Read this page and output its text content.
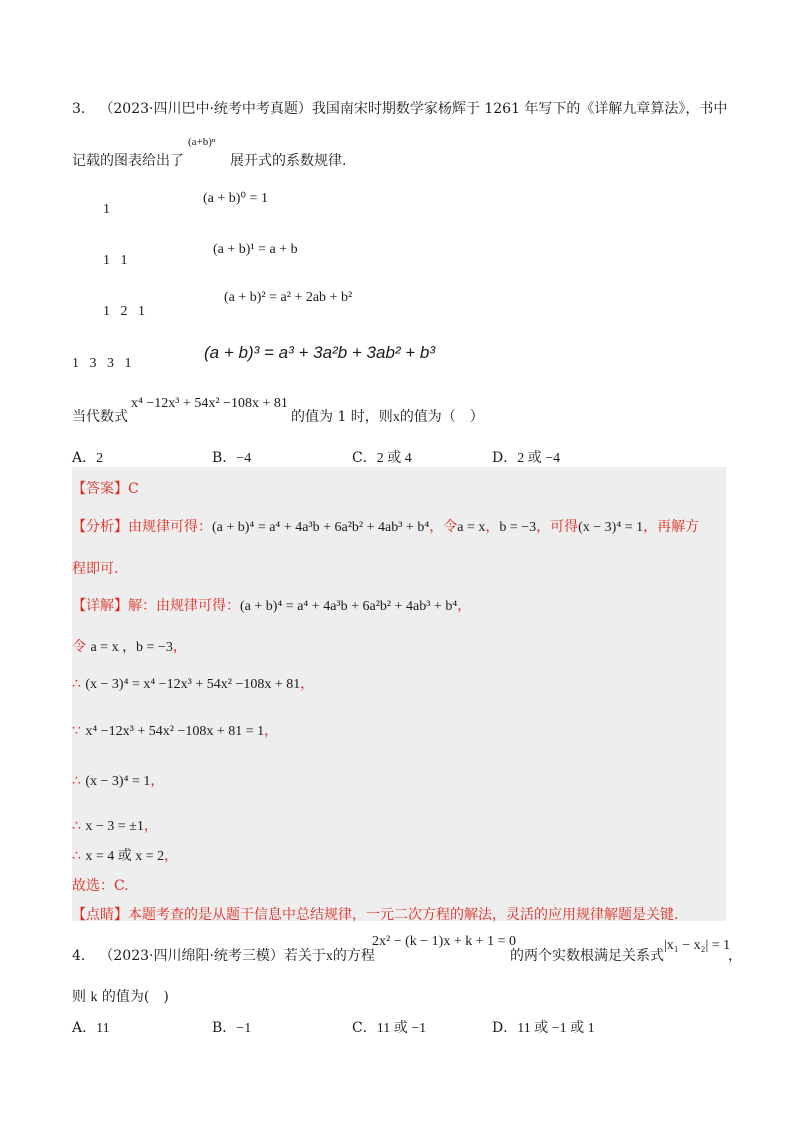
3． （2023·四川巴中·统考中考真题）我国南宋时期数学家杨辉于 1261 年写下的《详解九章算法》，书中
记载的图表给出了
(a+b)ⁿ
展开式的系数规律.
1
1   1
1   2   1
1   3   3   1
(a + b)⁰ = 1
(a + b)¹ = a + b
(a + b)² = a² + 2ab + b²
(a + b)³ = a³ + 3a²b + 3ab² + b³
当代数式
x⁴ −12x³ + 54x² −108x + 81
的值为 1 时，则x的值为（　）
A．2	B．−4	C．2 或 4	D．2 或 −4
【答案】C
【分析】由规律可得：(a + b)⁴ = a⁴ + 4a³b + 6a²b² + 4ab³ + b⁴，令a = x，b = −3，可得(x − 3)⁴ = 1，再解方
程即可.
【详解】解：由规律可得：(a + b)⁴ = a⁴ + 4a³b + 6a²b² + 4ab³ + b⁴，
令 a = x ，b = −3，
∴ (x − 3)⁴ = x⁴ −12x³ + 54x² −108x + 81，
∵ x⁴ −12x³ + 54x² −108x + 81 = 1，
∴ (x − 3)⁴ = 1，
∴ x − 3 = ±1，
∴ x = 4 或 x = 2，
故选：C.
【点睛】本题考查的是从题干信息中总结规律，一元二次方程的解法，灵活的应用规律解题是关键.
4． （2023·四川绵阳·统考三模）若关于x的方程
2x² − (k − 1)x + k + 1 = 0
的两个实数根满足关系式
|x₁ − x₂| = 1
，
则 k 的值为(　)
A．11	B．−1	C．11 或 −1	D．11 或 −1 或 1
